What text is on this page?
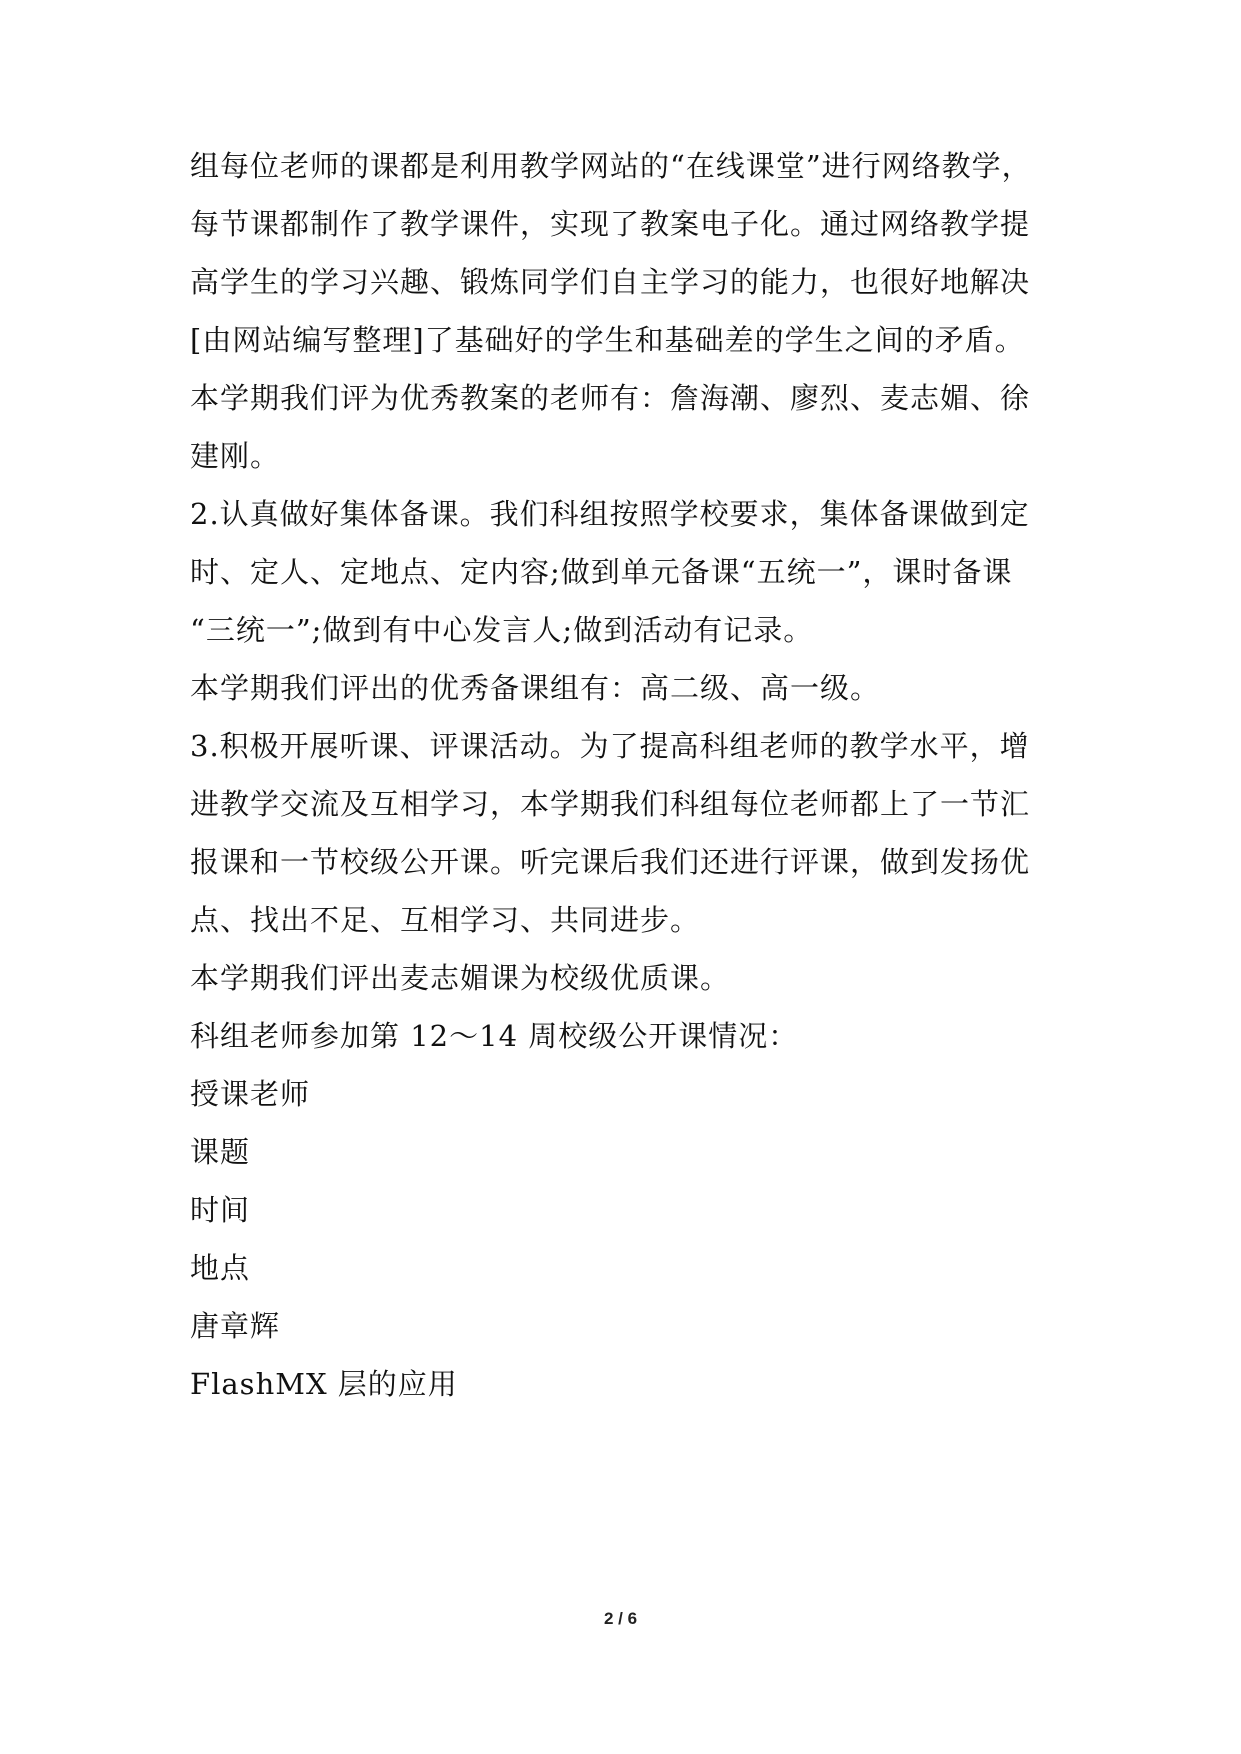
组每位老师的课都是利用教学网站的“在线课堂”进行网络教学，
每节课都制作了教学课件，实现了教案电子化。通过网络教学提
高学生的学习兴趣、锻炼同学们自主学习的能力，也很好地解决
[由网站编写整理]了基础好的学生和基础差的学生之间的矛盾。
本学期我们评为优秀教案的老师有：詹海潮、廖烈、麦志媚、徐
建刚。
2.认真做好集体备课。我们科组按照学校要求，集体备课做到定
时、定人、定地点、定内容;做到单元备课“五统一”，课时备课
“三统一”;做到有中心发言人;做到活动有记录。
本学期我们评出的优秀备课组有：高二级、高一级。
3.积极开展听课、评课活动。为了提高科组老师的教学水平，增
进教学交流及互相学习，本学期我们科组每位老师都上了一节汇
报课和一节校级公开课。听完课后我们还进行评课，做到发扬优
点、找出不足、互相学习、共同进步。
本学期我们评出麦志媚课为校级优质课。
科组老师参加第 12～14 周校级公开课情况：
授课老师
课题
时间
地点
唐章辉
FlashMX 层的应用
2 / 6
